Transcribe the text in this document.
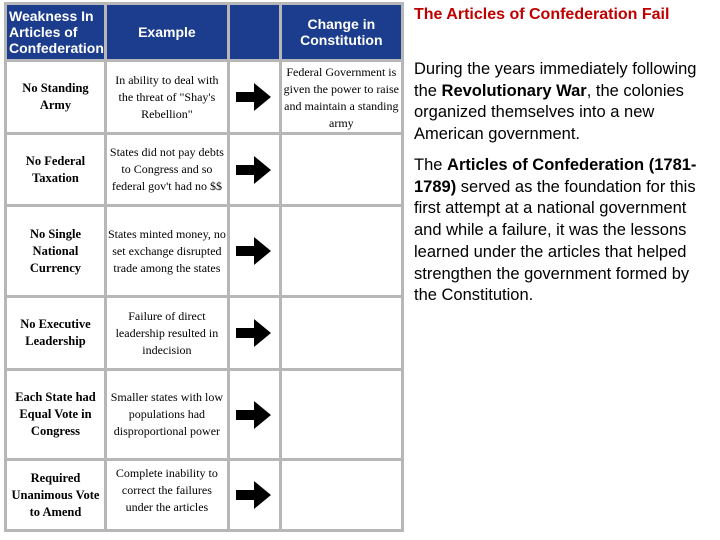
Weakness In Articles of Confederation	Example		Change in Constitution
No Standing Army	In ability to deal with the threat of "Shay's Rebellion"		Federal Government is given the power to raise and maintain a standing army

No Federal Taxation	States did not pay debts to Congress and so federal gov't had no $$	

No Single National Currency	States minted money, no set exchange disrupted trade among the states	

No Executive Leadership	Failure of direct leadership resulted in indecision	

Each State had Equal Vote in Congress	Smaller states with low populations had disproportional power	

Required Unanimous Vote to Amend	Complete inability to correct the failures under the articles

The Articles of Confederation Fail
During the years immediately following the Revolutionary War, the colonies organized themselves into a new American government.
The Articles of Confederation (1781-1789) served as the foundation for this first attempt at a national government and while a failure, it was the lessons learned under the articles that helped strengthen the government formed by the Constitution.
